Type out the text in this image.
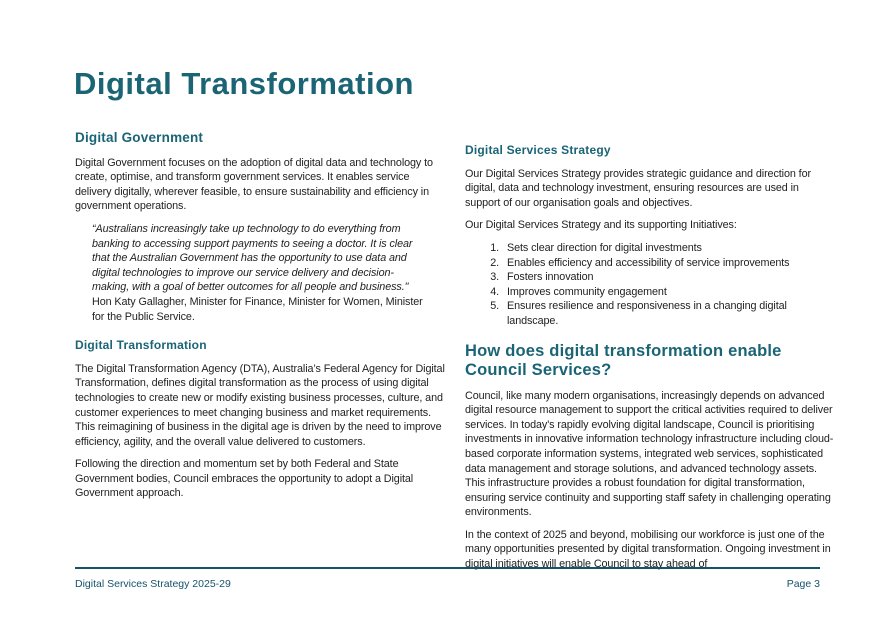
Digital Transformation
Digital Government

Digital Government focuses on the adoption of digital data and technology to create, optimise, and transform government services. It enables service delivery digitally, wherever feasible, to ensure sustainability and efficiency in government operations.

“Australians increasingly take up technology to do everything from banking to accessing support payments to seeing a doctor. It is clear that the Australian Government has the opportunity to use data and digital technologies to improve our service delivery and decision-making, with a goal of better outcomes for all people and business." Hon Katy Gallagher, Minister for Finance, Minister for Women, Minister for the Public Service.
Digital Transformation

The Digital Transformation Agency (DTA), Australia’s Federal Agency for Digital Transformation, defines digital transformation as the process of using digital technologies to create new or modify existing business processes, culture, and customer experiences to meet changing business and market requirements. This reimagining of business in the digital age is driven by the need to improve efficiency, agility, and the overall value delivered to customers.

Following the direction and momentum set by both Federal and State Government bodies, Council embraces the opportunity to adopt a Digital Government approach.

Digital Services Strategy

Our Digital Services Strategy provides strategic guidance and direction for digital, data and technology investment, ensuring resources are used in support of our organisation goals and objectives.

Our Digital Services Strategy and its supporting Initiatives:

1. Sets clear direction for digital investments
2. Enables efficiency and accessibility of service improvements
3. Fosters innovation
4. Improves community engagement
5. Ensures resilience and responsiveness in a changing digital landscape.
How does digital transformation enable Council Services?

Council, like many modern organisations, increasingly depends on advanced digital resource management to support the critical activities required to deliver services. In today's rapidly evolving digital landscape, Council is prioritising investments in innovative information technology infrastructure including cloud-based corporate information systems, integrated web services, sophisticated data management and storage solutions, and advanced technology assets. This infrastructure provides a robust foundation for digital transformation, ensuring service continuity and supporting staff safety in challenging operating environments.

In the context of 2025 and beyond, mobilising our workforce is just one of the many opportunities presented by digital transformation. Ongoing investment in digital initiatives will enable Council to stay ahead of

Digital Services Strategy 2025-29	Page 3
